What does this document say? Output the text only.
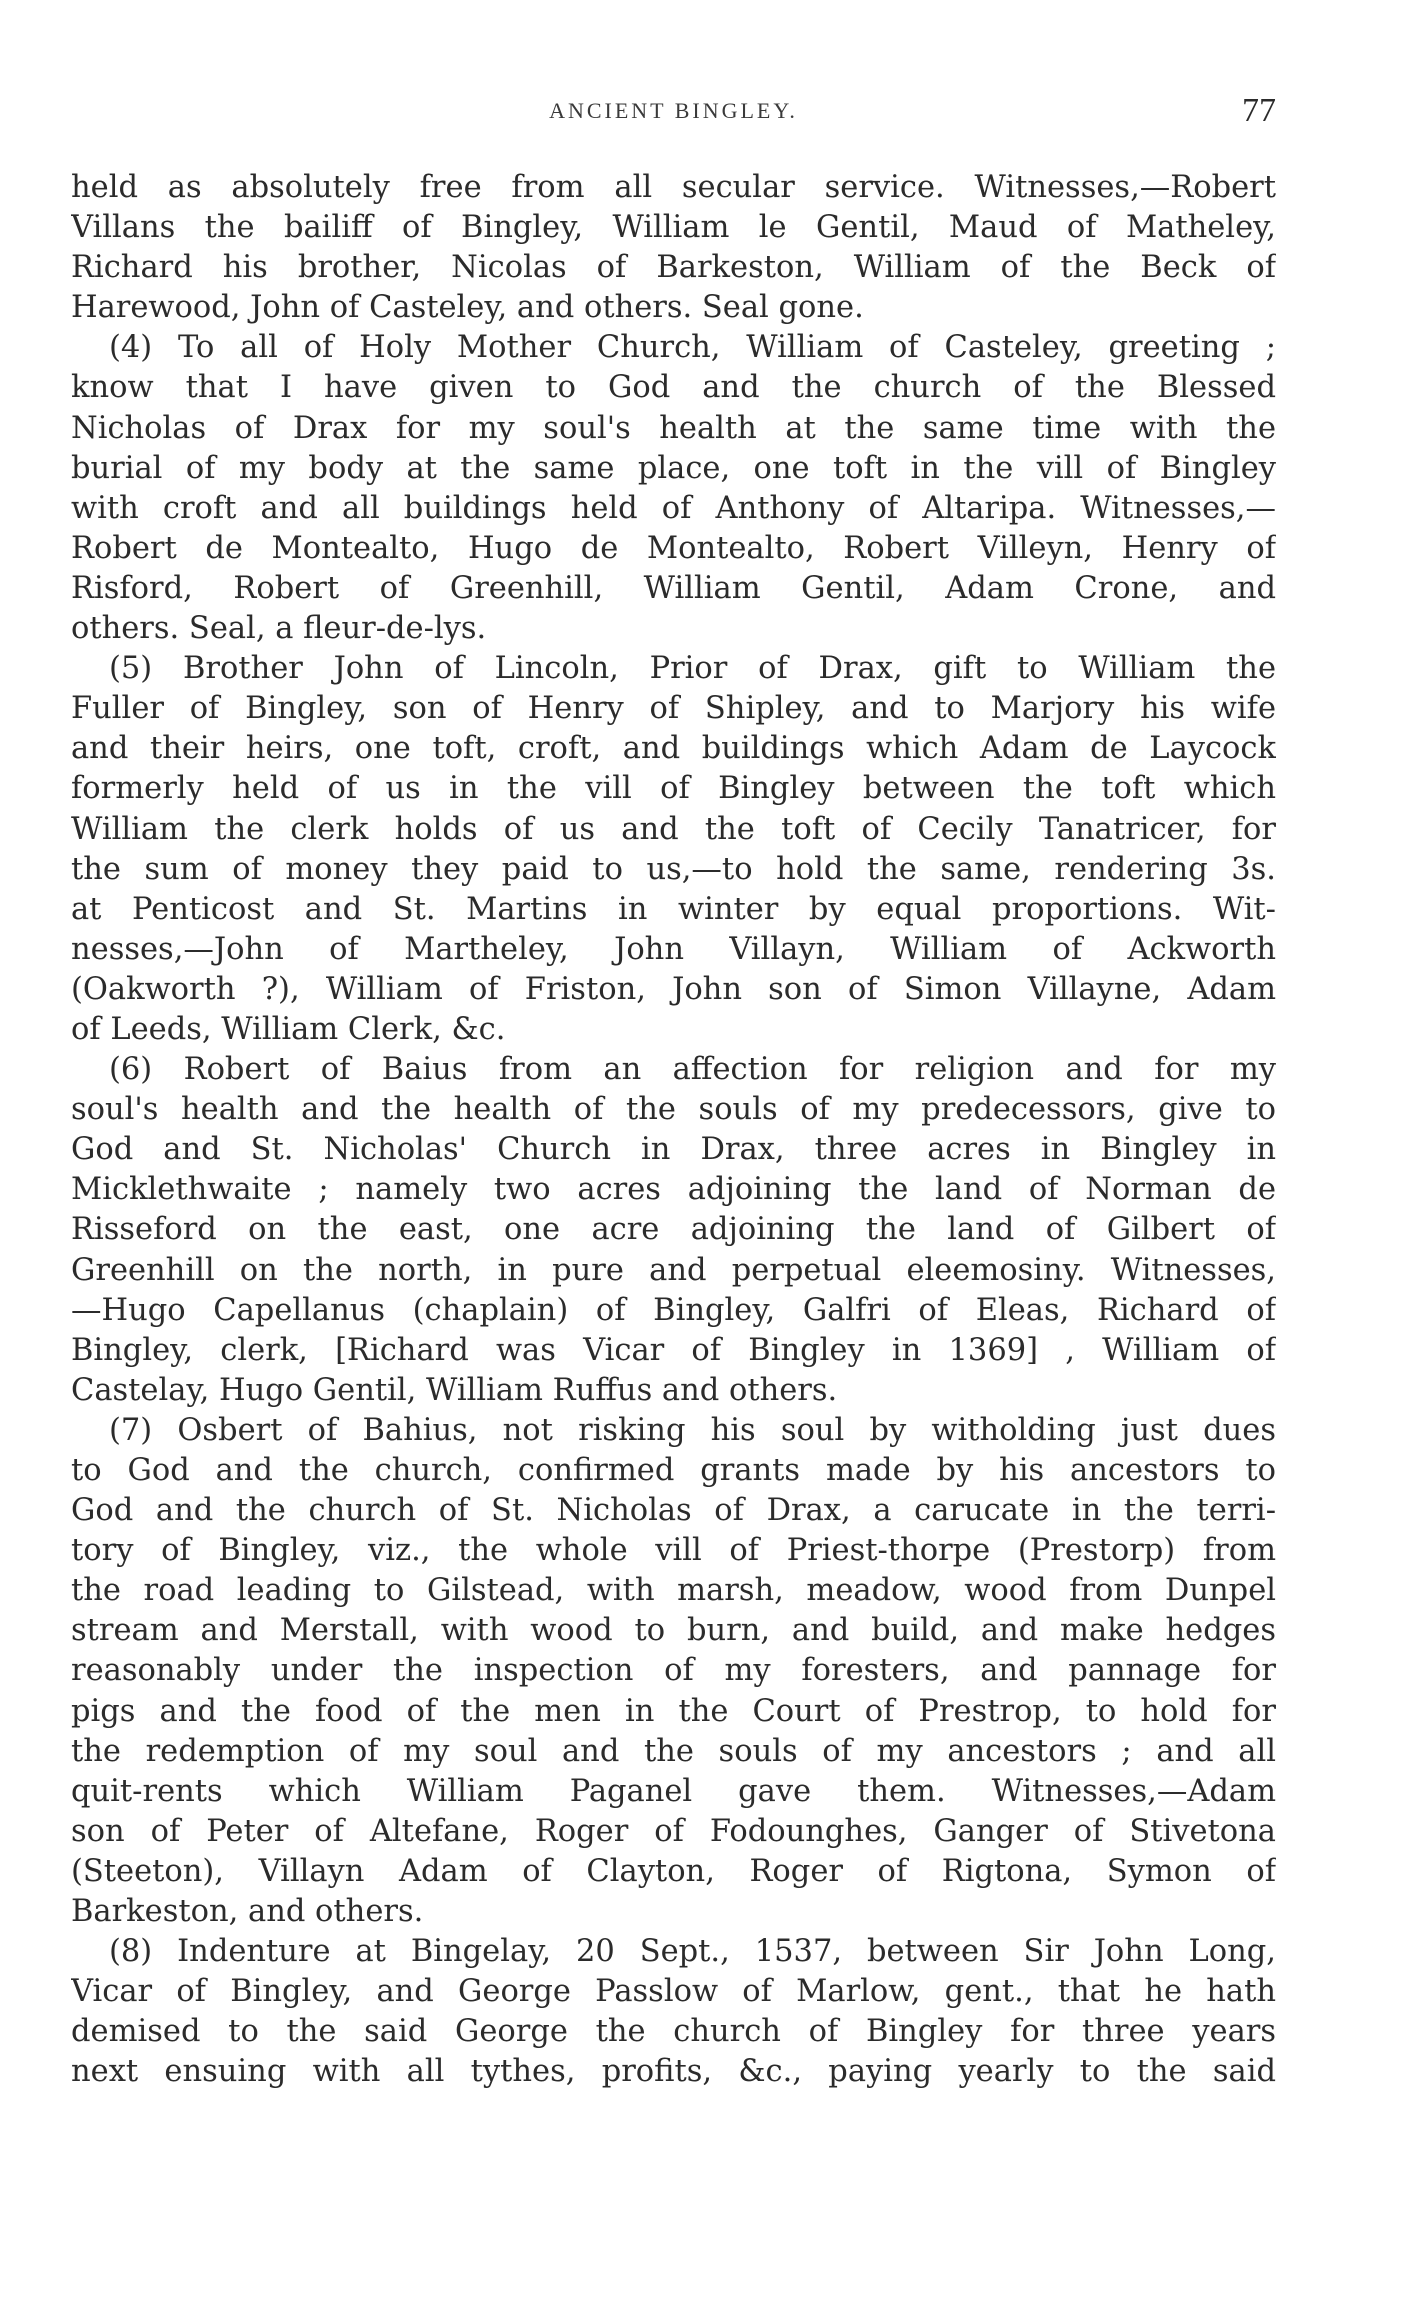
ANCIENT BINGLEY.	77
held as absolutely free from all secular service. Witnesses,—Robert
Villans the bailiff of Bingley, William le Gentil, Maud of Matheley,
Richard his brother, Nicolas of Barkeston, William of the Beck of
Harewood, John of Casteley, and others. Seal gone.
(4) To all of Holy Mother Church, William of Casteley, greeting ;
know that I have given to God and the church of the Blessed
Nicholas of Drax for my soul's health at the same time with the
burial of my body at the same place, one toft in the vill of Bingley
with croft and all buildings held of Anthony of Altaripa. Witnesses,—
Robert de Montealto, Hugo de Montealto, Robert Villeyn, Henry of
Risford, Robert of Greenhill, William Gentil, Adam Crone, and
others. Seal, a fleur-de-lys.
(5) Brother John of Lincoln, Prior of Drax, gift to William the
Fuller of Bingley, son of Henry of Shipley, and to Marjory his wife
and their heirs, one toft, croft, and buildings which Adam de Laycock
formerly held of us in the vill of Bingley between the toft which
William the clerk holds of us and the toft of Cecily Tanatricer, for
the sum of money they paid to us,—to hold the same, rendering 3s.
at Penticost and St. Martins in winter by equal proportions. Wit-
nesses,—John of Martheley, John Villayn, William of Ackworth
(Oakworth ?), William of Friston, John son of Simon Villayne, Adam
of Leeds, William Clerk, &c.
(6) Robert of Baius from an affection for religion and for my
soul's health and the health of the souls of my predecessors, give to
God and St. Nicholas' Church in Drax, three acres in Bingley in
Micklethwaite ; namely two acres adjoining the land of Norman de
Risseford on the east, one acre adjoining the land of Gilbert of
Greenhill on the north, in pure and perpetual eleemosiny. Witnesses,
—Hugo Capellanus (chaplain) of Bingley, Galfri of Eleas, Richard of
Bingley, clerk, [Richard was Vicar of Bingley in 1369] , William of
Castelay, Hugo Gentil, William Ruffus and others.
(7) Osbert of Bahius, not risking his soul by witholding just dues
to God and the church, confirmed grants made by his ancestors to
God and the church of St. Nicholas of Drax, a carucate in the terri-
tory of Bingley, viz., the whole vill of Priest-thorpe (Prestorp) from
the road leading to Gilstead, with marsh, meadow, wood from Dunpel
stream and Merstall, with wood to burn, and build, and make hedges
reasonably under the inspection of my foresters, and pannage for
pigs and the food of the men in the Court of Prestrop, to hold for
the redemption of my soul and the souls of my ancestors ; and all
quit-rents which William Paganel gave them. Witnesses,—Adam
son of Peter of Altefane, Roger of Fodounghes, Ganger of Stivetona
(Steeton), Villayn Adam of Clayton, Roger of Rigtona, Symon of
Barkeston, and others.
(8) Indenture at Bingelay, 20 Sept., 1537, between Sir John Long,
Vicar of Bingley, and George Passlow of Marlow, gent., that he hath
demised to the said George the church of Bingley for three years
next ensuing with all tythes, profits, &c., paying yearly to the said
